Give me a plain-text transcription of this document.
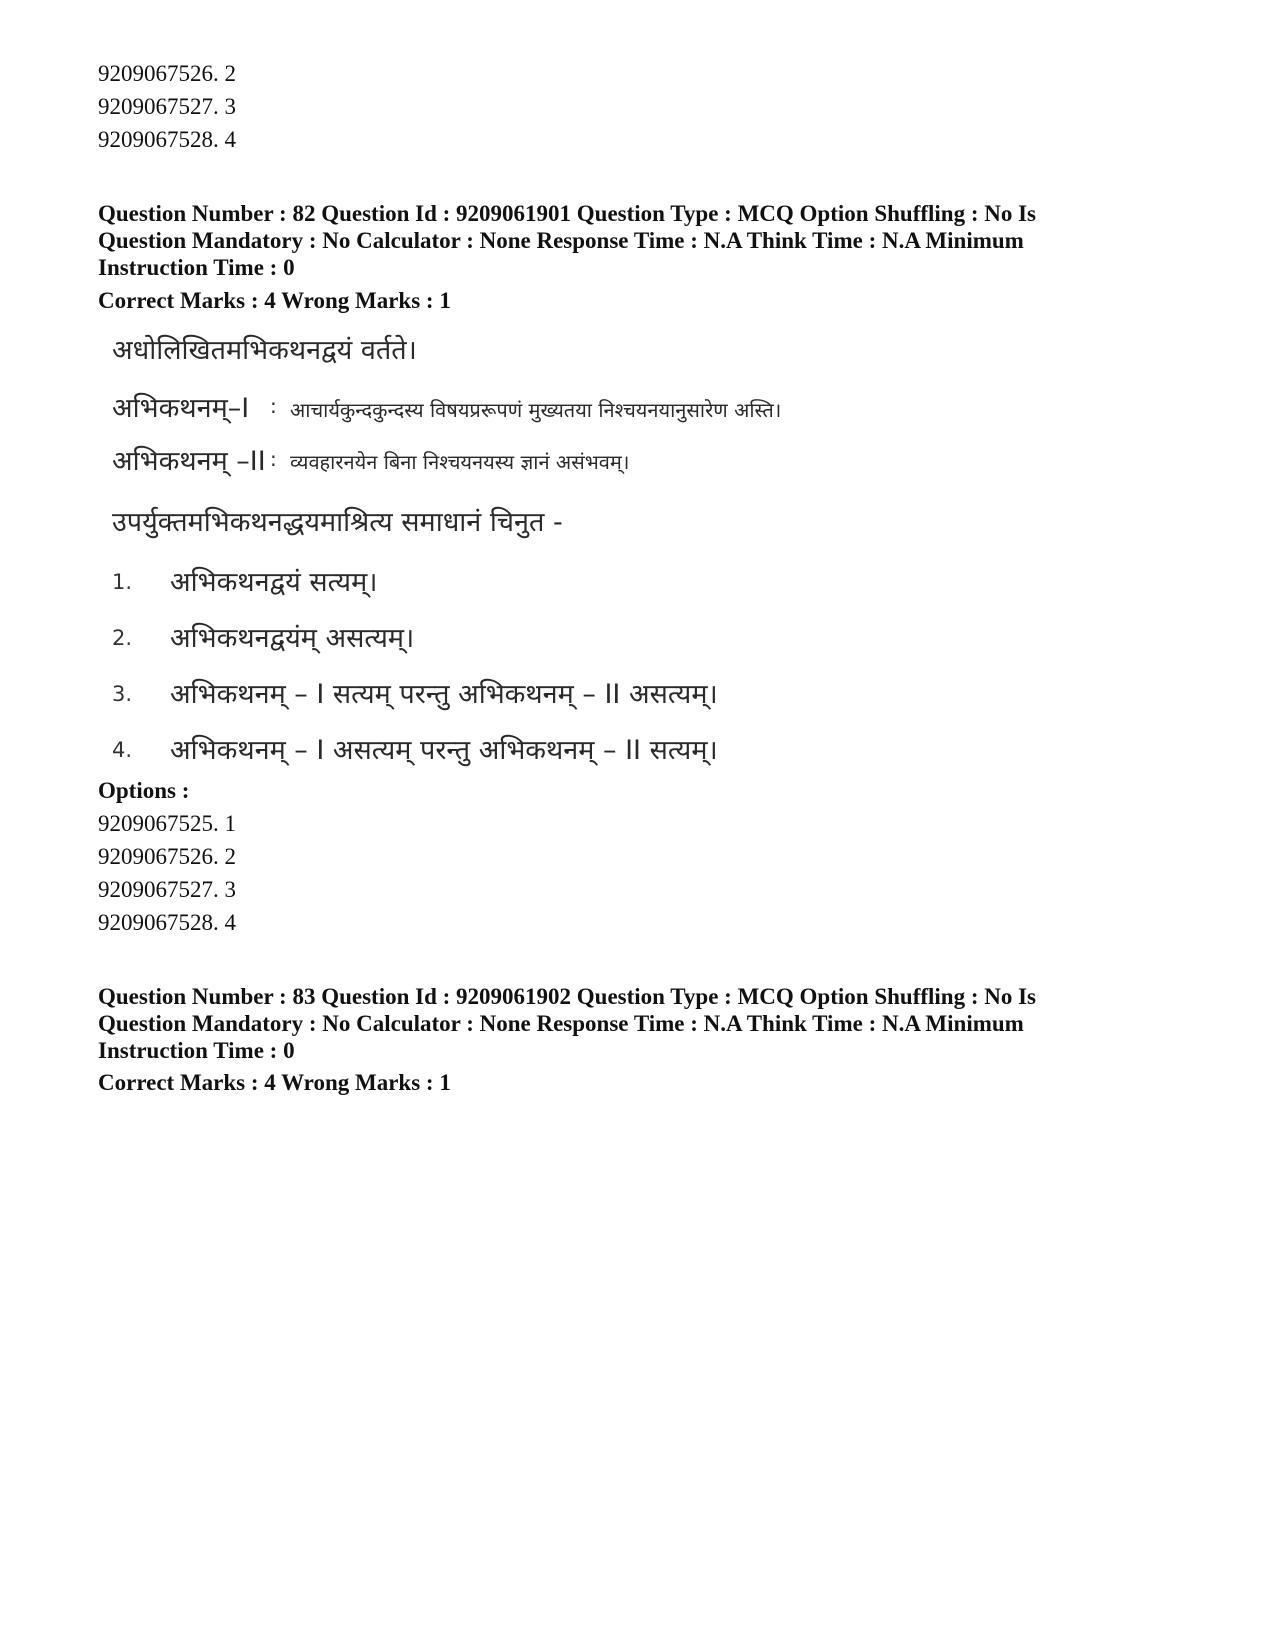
9209067526. 2
9209067527. 3
9209067528. 4
Question Number : 82 Question Id : 9209061901 Question Type : MCQ Option Shuffling : No Is
Question Mandatory : No Calculator : None Response Time : N.A Think Time : N.A Minimum
Instruction Time : 0
Correct Marks : 4 Wrong Marks : 1
अधोलिखितमभिकथनद्वयं वर्तते।
अभिकथनम्–I : आचार्यकुन्दकुन्दस्य विषयप्ररूपणं मुख्यतया निश्चयनयानुसारेण अस्ति।
अभिकथनम् –II : व्यवहारनयेन बिना निश्चयनयस्य ज्ञानं असंभवम्।
उपर्युक्तमभिकथनद्धयमाश्रित्य समाधानं चिनुत -
1. अभिकथनद्वयं सत्यम्।
2. अभिकथनद्वयंम् असत्यम्।
3. अभिकथनम् – I सत्यम् परन्तु अभिकथनम् – II असत्यम्।
4. अभिकथनम् – I असत्यम् परन्तु अभिकथनम् – II सत्यम्।
Options :
9209067525. 1
9209067526. 2
9209067527. 3
9209067528. 4
Question Number : 83 Question Id : 9209061902 Question Type : MCQ Option Shuffling : No Is
Question Mandatory : No Calculator : None Response Time : N.A Think Time : N.A Minimum
Instruction Time : 0
Correct Marks : 4 Wrong Marks : 1
